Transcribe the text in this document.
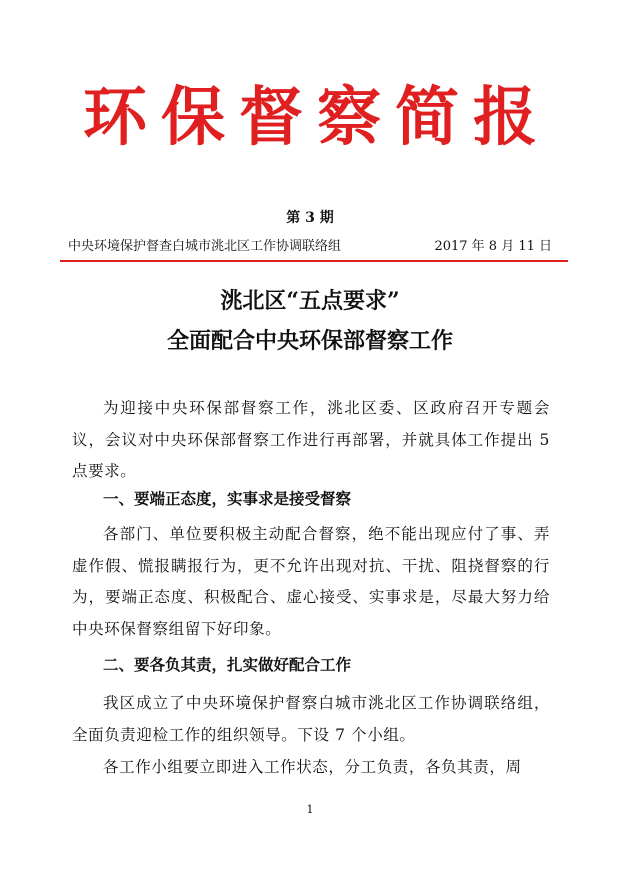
环保督察简报
第 3 期
中央环境保护督查白城市洮北区工作协调联络组	2017 年 8 月 11 日
洮北区“五点要求”
全面配合中央环保部督察工作
为迎接中央环保部督察工作，洮北区委、区政府召开专题会议，会议对中央环保部督察工作进行再部署，并就具体工作提出 5 点要求。
一、要端正态度，实事求是接受督察
各部门、单位要积极主动配合督察，绝不能出现应付了事、弄虚作假、慌报瞒报行为，更不允许出现对抗、干扰、阻挠督察的行为，要端正态度、积极配合、虚心接受、实事求是，尽最大努力给中央环保督察组留下好印象。
二、要各负其责，扎实做好配合工作
我区成立了中央环境保护督察白城市洮北区工作协调联络组，全面负责迎检工作的组织领导。下设 7 个小组。
各工作小组要立即进入工作状态，分工负责，各负其责，周
1
